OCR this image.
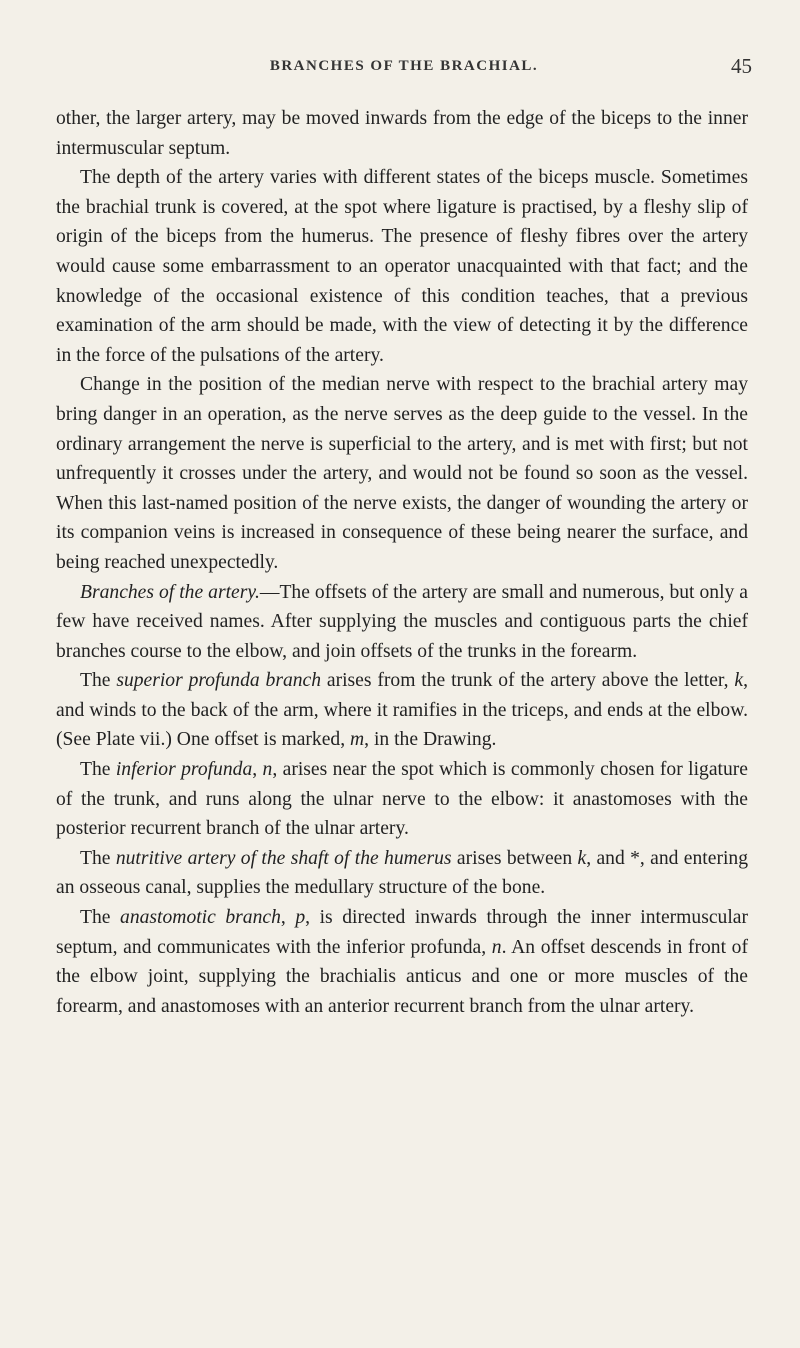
BRANCHES OF THE BRACHIAL.	45

other, the larger artery, may be moved inwards from the edge of the biceps to the inner intermuscular septum.

The depth of the artery varies with different states of the biceps muscle. Sometimes the brachial trunk is covered, at the spot where ligature is practised, by a fleshy slip of origin of the biceps from the humerus. The presence of fleshy fibres over the artery would cause some embarrassment to an operator unacquainted with that fact; and the knowledge of the occasional existence of this condition teaches, that a previous examination of the arm should be made, with the view of detecting it by the difference in the force of the pulsations of the artery.

Change in the position of the median nerve with respect to the brachial artery may bring danger in an operation, as the nerve serves as the deep guide to the vessel. In the ordinary arrangement the nerve is superficial to the artery, and is met with first; but not unfrequently it crosses under the artery, and would not be found so soon as the vessel. When this last-named position of the nerve exists, the danger of wounding the artery or its companion veins is increased in consequence of these being nearer the surface, and being reached unexpectedly.

Branches of the artery.—The offsets of the artery are small and numerous, but only a few have received names. After supplying the muscles and contiguous parts the chief branches course to the elbow, and join offsets of the trunks in the forearm.

The superior profunda branch arises from the trunk of the artery above the letter, k, and winds to the back of the arm, where it ramifies in the triceps, and ends at the elbow. (See Plate vii.) One offset is marked, m, in the Drawing.

The inferior profunda, n, arises near the spot which is commonly chosen for ligature of the trunk, and runs along the ulnar nerve to the elbow: it anastomoses with the posterior recurrent branch of the ulnar artery.

The nutritive artery of the shaft of the humerus arises between k, and *, and entering an osseous canal, supplies the medullary structure of the bone.

The anastomotic branch, p, is directed inwards through the inner intermuscular septum, and communicates with the inferior profunda, n. An offset descends in front of the elbow joint, supplying the brachialis anticus and one or more muscles of the forearm, and anastomoses with an anterior recurrent branch from the ulnar artery.
